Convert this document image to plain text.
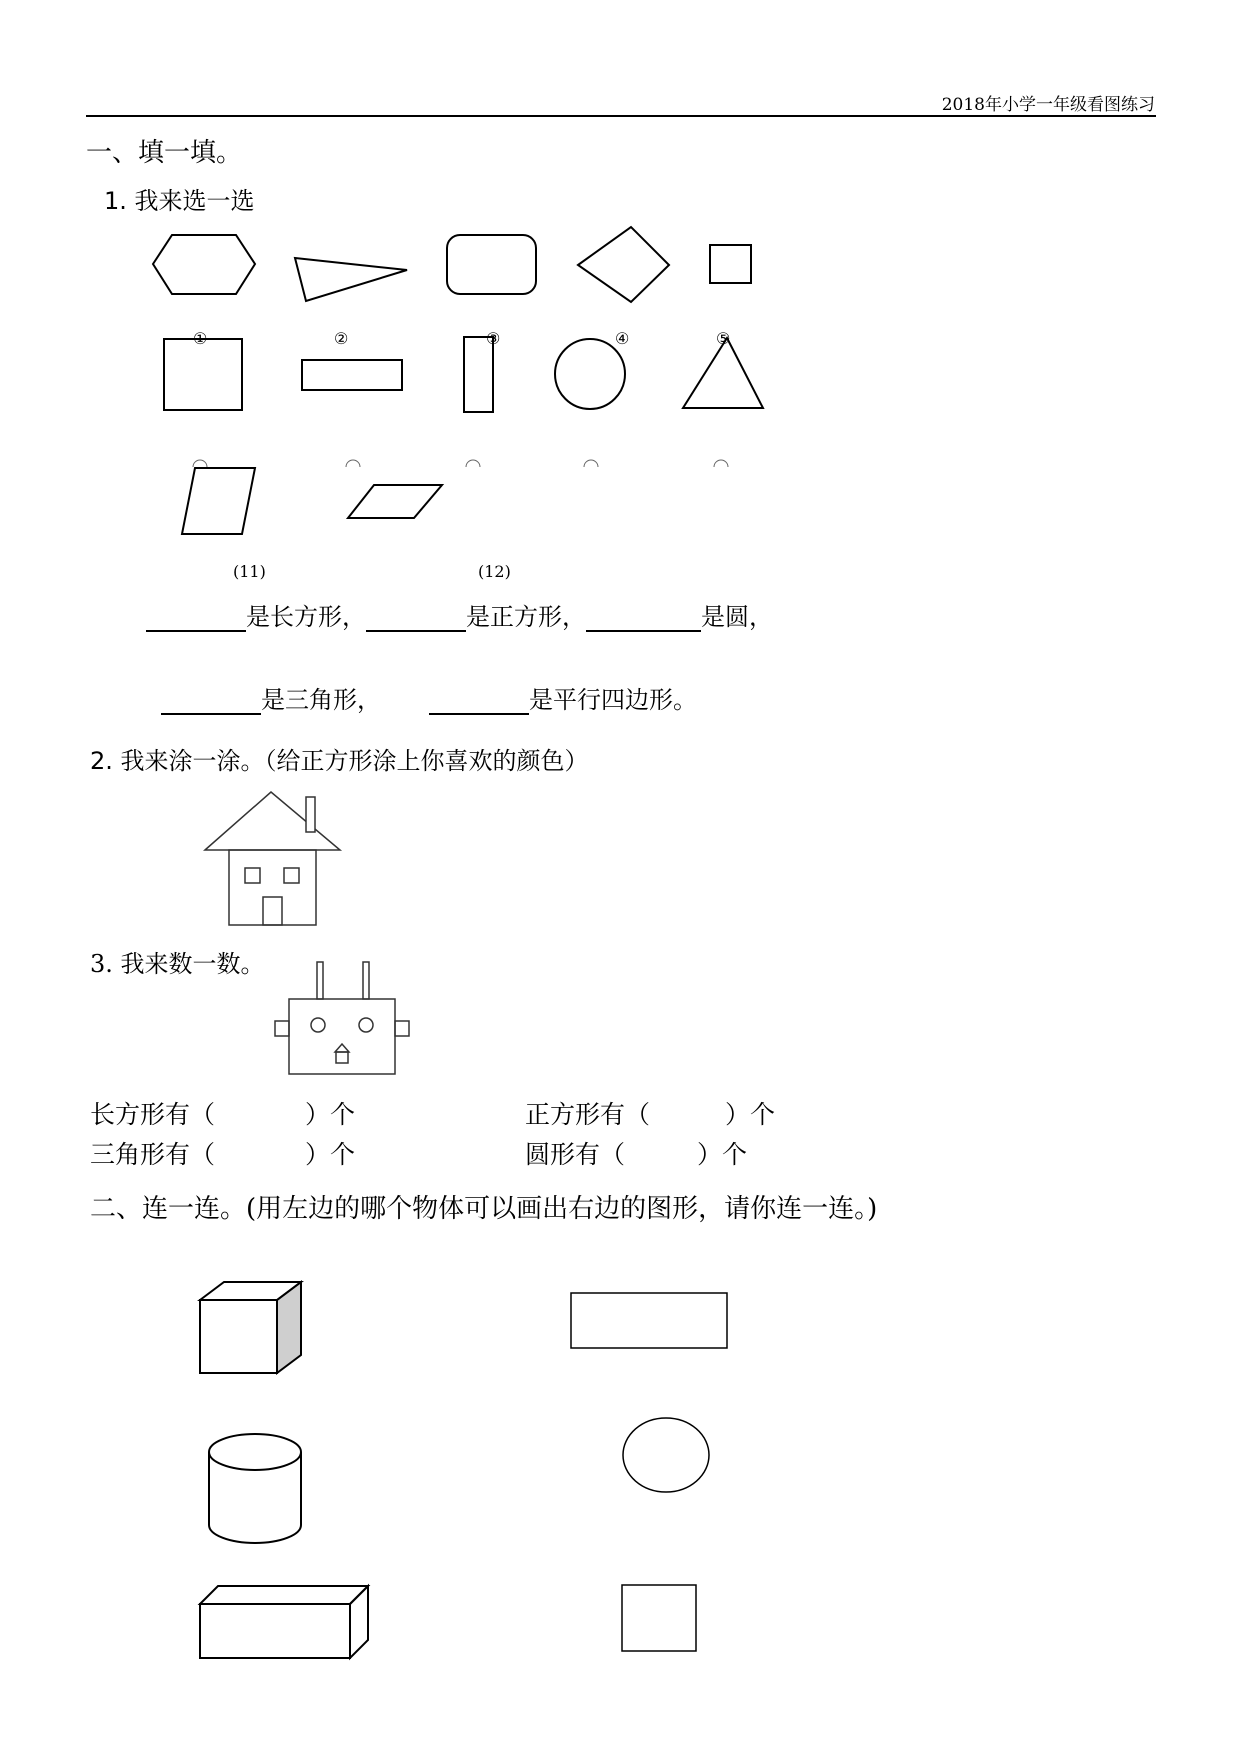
2018年小学一年级看图练习
一、填一填。
1. 我来选一选
①	②	③	④	⑤
(11)	(12)
是长方形，	是正方形，	是圆，
是三角形，	是平行四边形。
2. 我来涂一涂。（给正方形涂上你喜欢的颜色）
3. 我来数一数。
长方形有（	）个	正方形有（	）个
三角形有（	）个	圆形有（	）个
二、连一连。(用左边的哪个物体可以画出右边的图形，请你连一连。)
